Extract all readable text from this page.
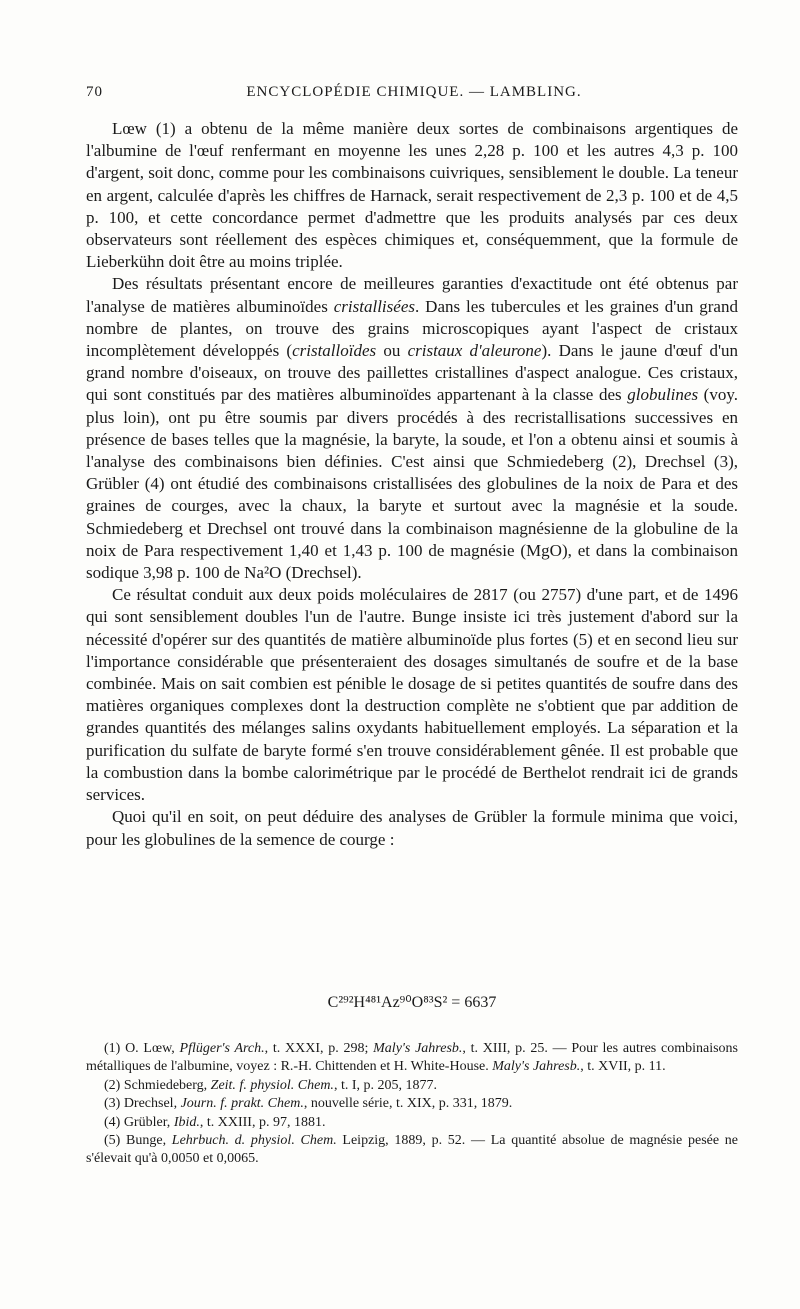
70	ENCYCLOPÉDIE CHIMIQUE. — LAMBLING.

Lœw (1) a obtenu de la même manière deux sortes de combinaisons argentiques de l'albumine de l'œuf renfermant en moyenne les unes 2,28 p. 100 et les autres 4,3 p. 100 d'argent, soit donc, comme pour les combinaisons cuivriques, sensiblement le double. La teneur en argent, calculée d'après les chiffres de Harnack, serait respectivement de 2,3 p. 100 et de 4,5 p. 100, et cette concordance permet d'admettre que les produits analysés par ces deux observateurs sont réellement des espèces chimiques et, conséquemment, que la formule de Lieberkühn doit être au moins triplée.

Des résultats présentant encore de meilleures garanties d'exactitude ont été obtenus par l'analyse de matières albuminoïdes cristallisées. Dans les tubercules et les graines d'un grand nombre de plantes, on trouve des grains microscopiques ayant l'aspect de cristaux incomplètement développés (cristalloïdes ou cristaux d'aleurone). Dans le jaune d'œuf d'un grand nombre d'oiseaux, on trouve des paillettes cristallines d'aspect analogue. Ces cristaux, qui sont constitués par des matières albuminoïdes appartenant à la classe des globulines (voy. plus loin), ont pu être soumis par divers procédés à des recristallisations successives en présence de bases telles que la magnésie, la baryte, la soude, et l'on a obtenu ainsi et soumis à l'analyse des combinaisons bien définies. C'est ainsi que Schmiedeberg (2), Drechsel (3), Grübler (4) ont étudié des combinaisons cristallisées des globulines de la noix de Para et des graines de courges, avec la chaux, la baryte et surtout avec la magnésie et la soude. Schmiedeberg et Drechsel ont trouvé dans la combinaison magnésienne de la globuline de la noix de Para respectivement 1,40 et 1,43 p. 100 de magnésie (MgO), et dans la combinaison sodique 3,98 p. 100 de Na²O (Drechsel).

Ce résultat conduit aux deux poids moléculaires de 2817 (ou 2757) d'une part, et de 1496 qui sont sensiblement doubles l'un de l'autre. Bunge insiste ici très justement d'abord sur la nécessité d'opérer sur des quantités de matière albuminoïde plus fortes (5) et en second lieu sur l'importance considérable que présenteraient des dosages simultanés de soufre et de la base combinée. Mais on sait combien est pénible le dosage de si petites quantités de soufre dans des matières organiques complexes dont la destruction complète ne s'obtient que par addition de grandes quantités des mélanges salins oxydants habituellement employés. La séparation et la purification du sulfate de baryte formé s'en trouve considérablement gênée. Il est probable que la combustion dans la bombe calorimétrique par le procédé de Berthelot rendrait ici de grands services.

Quoi qu'il en soit, on peut déduire des analyses de Grübler la formule minima que voici, pour les globulines de la semence de courge :

C²⁹²H⁴⁸¹Az⁹⁰O⁸³S² = 6637

(1) O. Lœw, Pflüger's Arch., t. XXXI, p. 298; Maly's Jahresb., t. XIII, p. 25. — Pour les autres combinaisons métalliques de l'albumine, voyez : R.-H. Chittenden et H. White-House. Maly's Jahresb., t. XVII, p. 11.

(2) Schmiedeberg, Zeit. f. physiol. Chem., t. I, p. 205, 1877.

(3) Drechsel, Journ. f. prakt. Chem., nouvelle série, t. XIX, p. 331, 1879.

(4) Grübler, Ibid., t. XXIII, p. 97, 1881.

(5) Bunge, Lehrbuch. d. physiol. Chem. Leipzig, 1889, p. 52. — La quantité absolue de magnésie pesée ne s'élevait qu'à 0,0050 et 0,0065.
